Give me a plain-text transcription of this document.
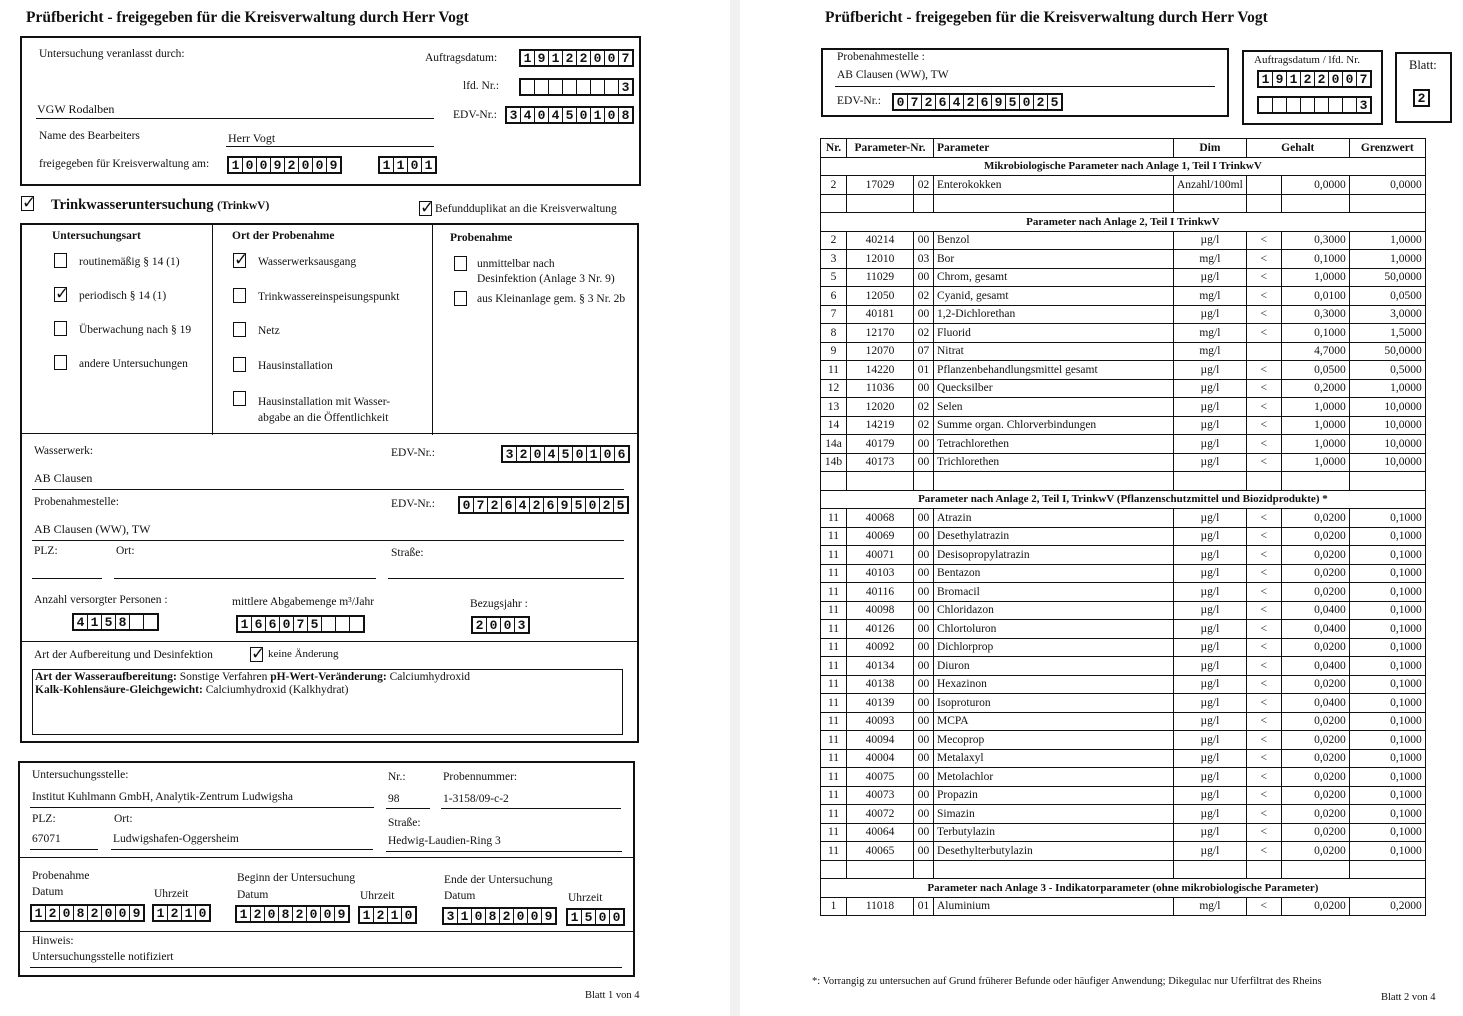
Prüfbericht - freigegeben für die Kreisverwaltung durch Herr Vogt
Untersuchung veranlasst durch:	Auftragsdatum: 1 9 1 2 2 0 0 7
lfd. Nr.:	3
VGW Rodalben	EDV-Nr.: 3 4 0 4 5 0 1 0 8
Name des Bearbeiters	Herr Vogt
freigegeben für Kreisverwaltung am: 1 0 0 9 2 0 0 9	1 1 0 1
✓ Trinkwasseruntersuchung (TrinkwV)	✓ Befundduplikat an die Kreisverwaltung
Untersuchungsart
routinemäßig § 14 (1)
✓ periodisch § 14 (1)
Überwachung nach § 19
andere Untersuchungen
Ort der Probenahme
✓ Wasserwerksausgang
Trinkwassereinspeisungspunkt
Netz
Hausinstallation
Hausinstallation mit Wasser-
abgabe an die Öffentlichkeit
Probenahme
unmittelbar nach
Desinfektion (Anlage 3 Nr. 9)
aus Kleinanlage gem. § 3 Nr. 2b
Wasserwerk:	EDV-Nr.:	3 2 0 4 5 0 1 0 6
AB Clausen
Probenahmestelle:	EDV-Nr.: 0 7 2 6 4 2 6 9 5 0 2 5
AB Clausen (WW), TW
PLZ:	Ort:	Straße:
Anzahl versorgter Personen :	mittlere Abgabemenge m³/Jahr	Bezugsjahr :
4 1 5 8	1 6 6 0 7 5	2 0 0 3
Art der Aufbereitung und Desinfektion ✓ keine Änderung
Art der Wasseraufbereitung: Sonstige Verfahren pH-Wert-Veränderung: Calciumhydroxid
Kalk-Kohlensäure-Gleichgewicht: Calciumhydroxid (Kalkhydrat)
Untersuchungsstelle:	Nr.:	Probennummer:
Institut Kuhlmann GmbH, Analytik-Zentrum Ludwigsha	98	1-3158/09-c-2
PLZ:	Ort:	Straße:
67071	Ludwigshafen-Oggersheim	Hedwig-Laudien-Ring 3
Probenahme	Beginn der Untersuchung	Ende der Untersuchung
Datum	Uhrzeit	Datum	Uhrzeit	Datum	Uhrzeit
1 2 0 8 2 0 0 9 1 2 1 0	1 2 0 8 2 0 0 9 1 2 1 0	3 1 0 8 2 0 0 9 1 5 0 0
Hinweis:
Untersuchungsstelle notifiziert
Blatt 1 von 4
Prüfbericht - freigegeben für die Kreisverwaltung durch Herr Vogt
Probenahmestelle :
AB Clausen (WW), TW
EDV-Nr.: 0 7 2 6 4 2 6 9 5 0 2 5
Auftragsdatum / lfd. Nr.
1 9 1 2 2 0 0 7
3
Blatt:
2
Nr.	Parameter-Nr.		Parameter	Dim	Gehalt		Grenzwert
Mikrobiologische Parameter nach Anlage 1, Teil I TrinkwV							
2	17029	02	Enterokokken	Anzahl/100ml		0,0000	0,0000

Parameter nach Anlage 2, Teil I TrinkwV							
2	40214	00	Benzol	µg/l	<	0,3000	1,0000
3	12010	03	Bor	mg/l	<	0,1000	1,0000
5	11029	00	Chrom, gesamt	µg/l	<	1,0000	50,0000
6	12050	02	Cyanid, gesamt	mg/l	<	0,0100	0,0500
7	40181	00	1,2-Dichlorethan	µg/l	<	0,3000	3,0000
8	12170	02	Fluorid	mg/l	<	0,1000	1,5000
9	12070	07	Nitrat	mg/l		4,7000	50,0000
11	14220	01	Pflanzenbehandlungsmittel gesamt	µg/l	<	0,0500	0,5000
12	11036	00	Quecksilber	µg/l	<	0,2000	1,0000
13	12020	02	Selen	µg/l	<	1,0000	10,0000
14	14219	02	Summe organ. Chlorverbindungen	µg/l	<	1,0000	10,0000
14a	40179	00	Tetrachlorethen	µg/l	<	1,0000	10,0000
14b	40173	00	Trichlorethen	µg/l	<	1,0000	10,0000

Parameter nach Anlage 2, Teil I, TrinkwV (Pflanzenschutzmittel und Biozidprodukte) *							
11	40068	00	Atrazin	µg/l	<	0,0200	0,1000
11	40069	00	Desethylatrazin	µg/l	<	0,0200	0,1000
11	40071	00	Desisopropylatrazin	µg/l	<	0,0200	0,1000
11	40103	00	Bentazon	µg/l	<	0,0200	0,1000
11	40116	00	Bromacil	µg/l	<	0,0200	0,1000
11	40098	00	Chloridazon	µg/l	<	0,0400	0,1000
11	40126	00	Chlortoluron	µg/l	<	0,0400	0,1000
11	40092	00	Dichlorprop	µg/l	<	0,0200	0,1000
11	40134	00	Diuron	µg/l	<	0,0400	0,1000
11	40138	00	Hexazinon	µg/l	<	0,0200	0,1000
11	40139	00	Isoproturon	µg/l	<	0,0400	0,1000
11	40093	00	MCPA	µg/l	<	0,0200	0,1000
11	40094	00	Mecoprop	µg/l	<	0,0200	0,1000
11	40004	00	Metalaxyl	µg/l	<	0,0200	0,1000
11	40075	00	Metolachlor	µg/l	<	0,0200	0,1000
11	40073	00	Propazin	µg/l	<	0,0200	0,1000
11	40072	00	Simazin	µg/l	<	0,0200	0,1000
11	40064	00	Terbutylazin	µg/l	<	0,0200	0,1000
11	40065	00	Desethylterbutylazin	µg/l	<	0,0200	0,1000

Parameter nach Anlage 3 - Indikatorparameter (ohne mikrobiologische Parameter)							
1	11018	01	Aluminium	mg/l	<	0,0200	0,2000
*: Vorrangig zu untersuchen auf Grund früherer Befunde oder häufiger Anwendung; Dikegulac nur Uferfiltrat des Rheins
Blatt 2 von 4
